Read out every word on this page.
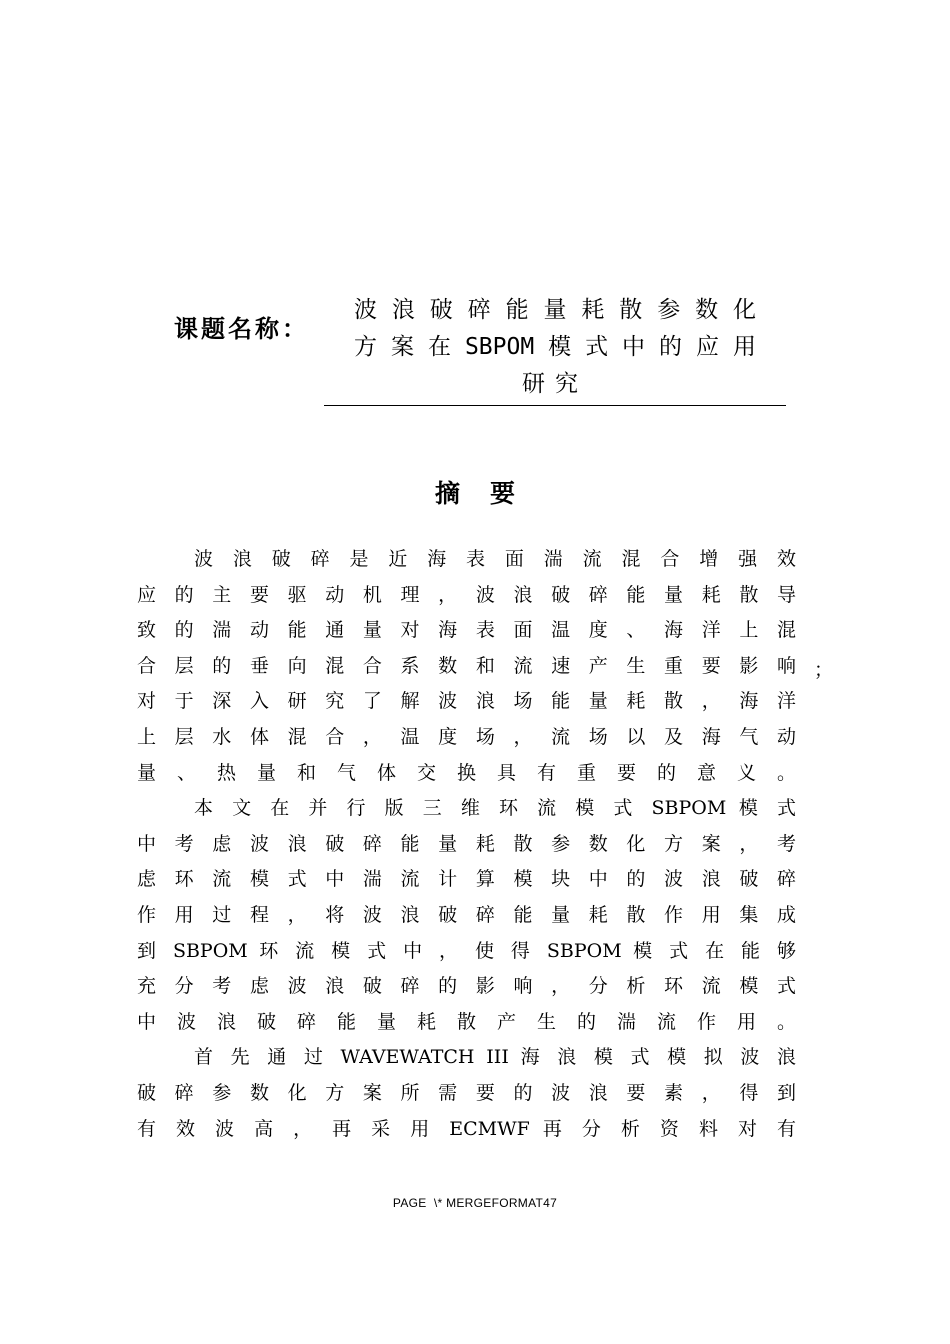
课题名称：
波 浪 破 碎 能 量 耗 散 参 数 化
方 案 在 SBPOM 模 式 中 的 应 用
研究
摘要
波 浪 破 碎 是 近 海 表 面 湍 流 混 合 增 强 效
应 的 主 要 驱 动 机 理 ， 波 浪 破 碎 能 量 耗 散 导
致 的 湍 动 能 通 量 对 海 表 面 温 度 、 海 洋 上 混
合 层 的 垂 向 混 合 系 数 和 流 速 产 生 重 要 影 响
对 于 深 入 研 究 了 解 波 浪 场 能 量 耗 散 ， 海 洋
上 层 水 体 混 合 ， 温 度 场 ， 流 场 以 及 海 气 动
量 、 热 量 和 气 体 交 换 具 有 重 要 的 意 义 。
本 文 在 并 行 版 三 维 环 流 模 式 SBPOM 模 式
中 考 虑 波 浪 破 碎 能 量 耗 散 参 数 化 方 案 ， 考
虑 环 流 模 式 中 湍 流 计 算 模 块 中 的 波 浪 破 碎
作 用 过 程 ， 将 波 浪 破 碎 能 量 耗 散 作 用 集 成
到 SBPOM 环 流 模 式 中 ， 使 得 SBPOM 模 式 在 能 够
充 分 考 虑 波 浪 破 碎 的 影 响 ， 分 析 环 流 模 式
中 波 浪 破 碎 能 量 耗 散 产 生 的 湍 流 作 用 。
首 先 通 过 WAVEWATCH III 海 浪 模 式 模 拟 波 浪
破 碎 参 数 化 方 案 所 需 要 的 波 浪 要 素 ， 得 到
有 效 波 高 ， 再 采 用 ECMWF 再 分 析 资 料 对 有
；
PAGE  \* MERGEFORMAT47
